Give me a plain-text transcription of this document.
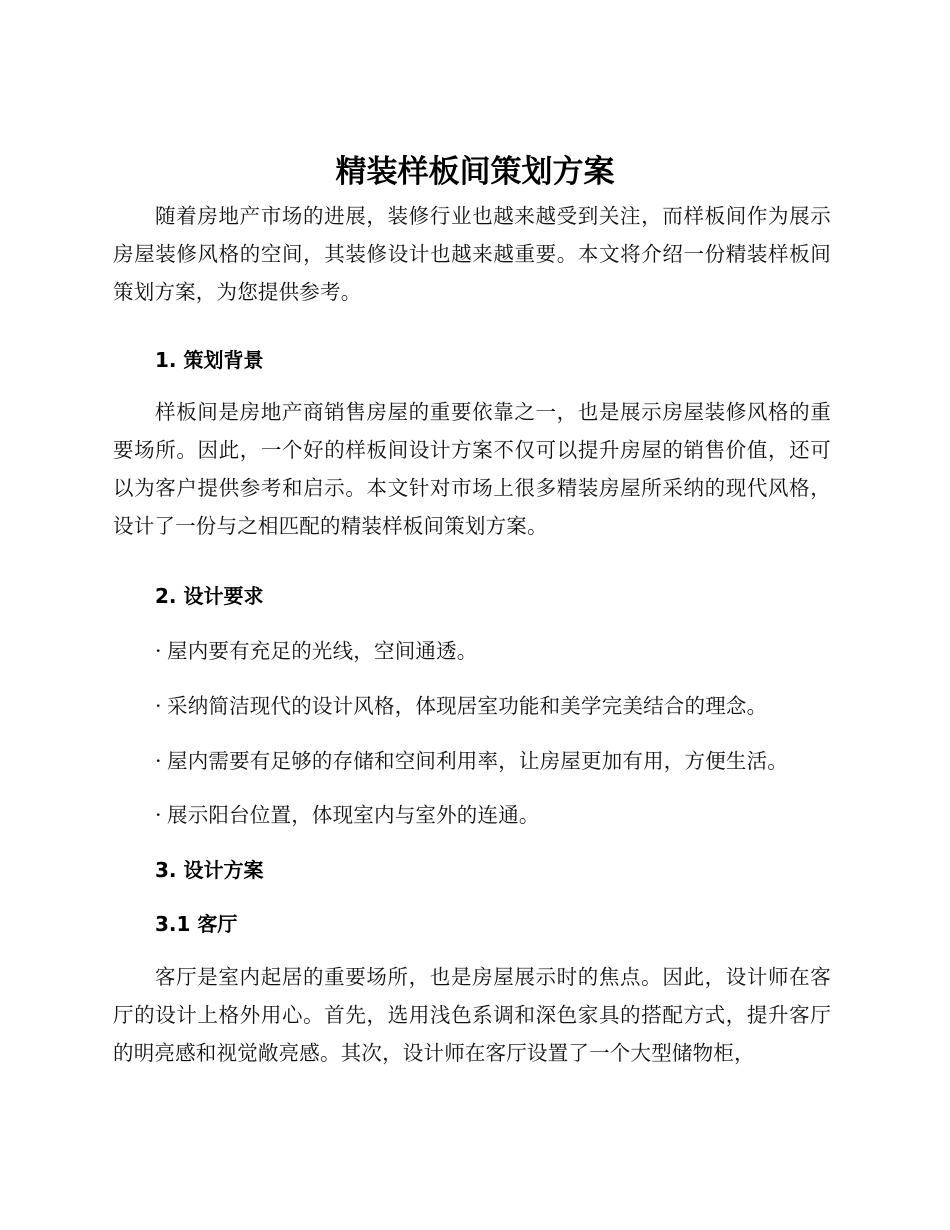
精装样板间策划方案

随着房地产市场的进展，装修行业也越来越受到关注，而样板间作为展示房屋装修风格的空间，其装修设计也越来越重要。本文将介绍一份精装样板间策划方案，为您提供参考。

1. 策划背景

样板间是房地产商销售房屋的重要依靠之一，也是展示房屋装修风格的重要场所。因此，一个好的样板间设计方案不仅可以提升房屋的销售价值，还可以为客户提供参考和启示。本文针对市场上很多精装房屋所采纳的现代风格，设计了一份与之相匹配的精装样板间策划方案。

2. 设计要求

· 屋内要有充足的光线，空间通透。

· 采纳简洁现代的设计风格，体现居室功能和美学完美结合的理念。

· 屋内需要有足够的存储和空间利用率，让房屋更加有用，方便生活。

· 展示阳台位置，体现室内与室外的连通。

3. 设计方案
3.1 客厅

客厅是室内起居的重要场所，也是房屋展示时的焦点。因此，设计师在客厅的设计上格外用心。首先，选用浅色系调和深色家具的搭配方式，提升客厅的明亮感和视觉敞亮感。其次，设计师在客厅设置了一个大型储物柜，
